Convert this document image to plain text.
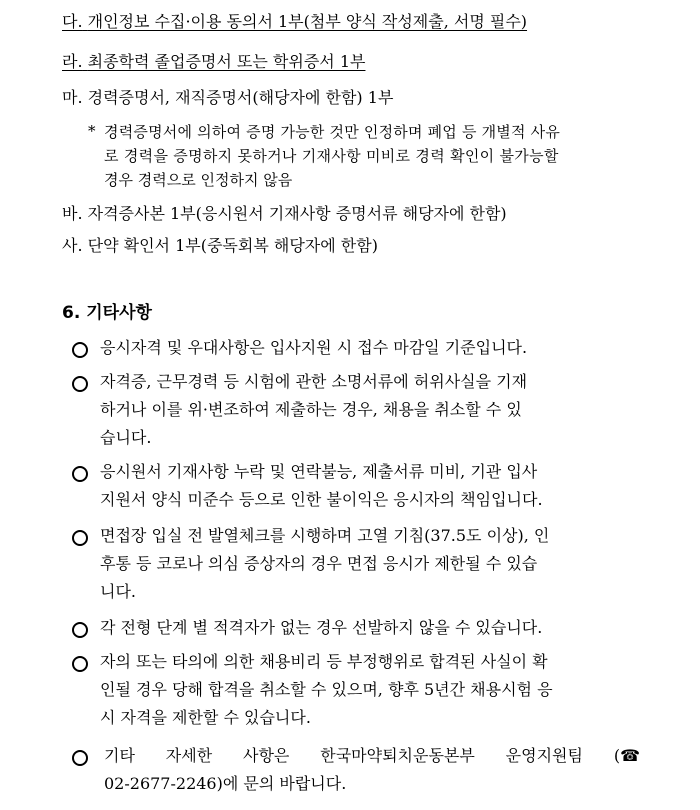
다. 개인정보 수집·이용 동의서 1부(첨부 양식 작성제출, 서명 필수)
라. 최종학력 졸업증명서 또는 학위증서 1부
마. 경력증명서, 재직증명서(해당자에 한함) 1부
* 경력증명서에 의하여 증명 가능한 것만 인정하며 폐업 등 개별적 사유
로 경력을 증명하지 못하거나 기재사항 미비로 경력 확인이 불가능할
경우 경력으로 인정하지 않음
바. 자격증사본 1부(응시원서 기재사항 증명서류 해당자에 한함)
사. 단약 확인서 1부(중독회복 해당자에 한함)
6. 기타사항
응시자격 및 우대사항은 입사지원 시 접수 마감일 기준입니다.
자격증, 근무경력 등 시험에 관한 소명서류에 허위사실을 기재
하거나 이를 위·변조하여 제출하는 경우, 채용을 취소할 수 있
습니다.
응시원서 기재사항 누락 및 연락불능, 제출서류 미비, 기관 입사
지원서 양식 미준수 등으로 인한 불이익은 응시자의 책임입니다.
면접장 입실 전 발열체크를 시행하며 고열 기침(37.5도 이상), 인
후통 등 코로나 의심 증상자의 경우 면접 응시가 제한될 수 있습
니다.
각 전형 단계 별 적격자가 없는 경우 선발하지 않을 수 있습니다.
자의 또는 타의에 의한 채용비리 등 부정행위로 합격된 사실이 확
인될 경우 당해 합격을 취소할 수 있으며, 향후 5년간 채용시험 응
시 자격을 제한할 수 있습니다.
기타 자세한 사항은 한국마약퇴치운동본부 운영지원팀 (☎
02-2677-2246)에 문의 바랍니다.
